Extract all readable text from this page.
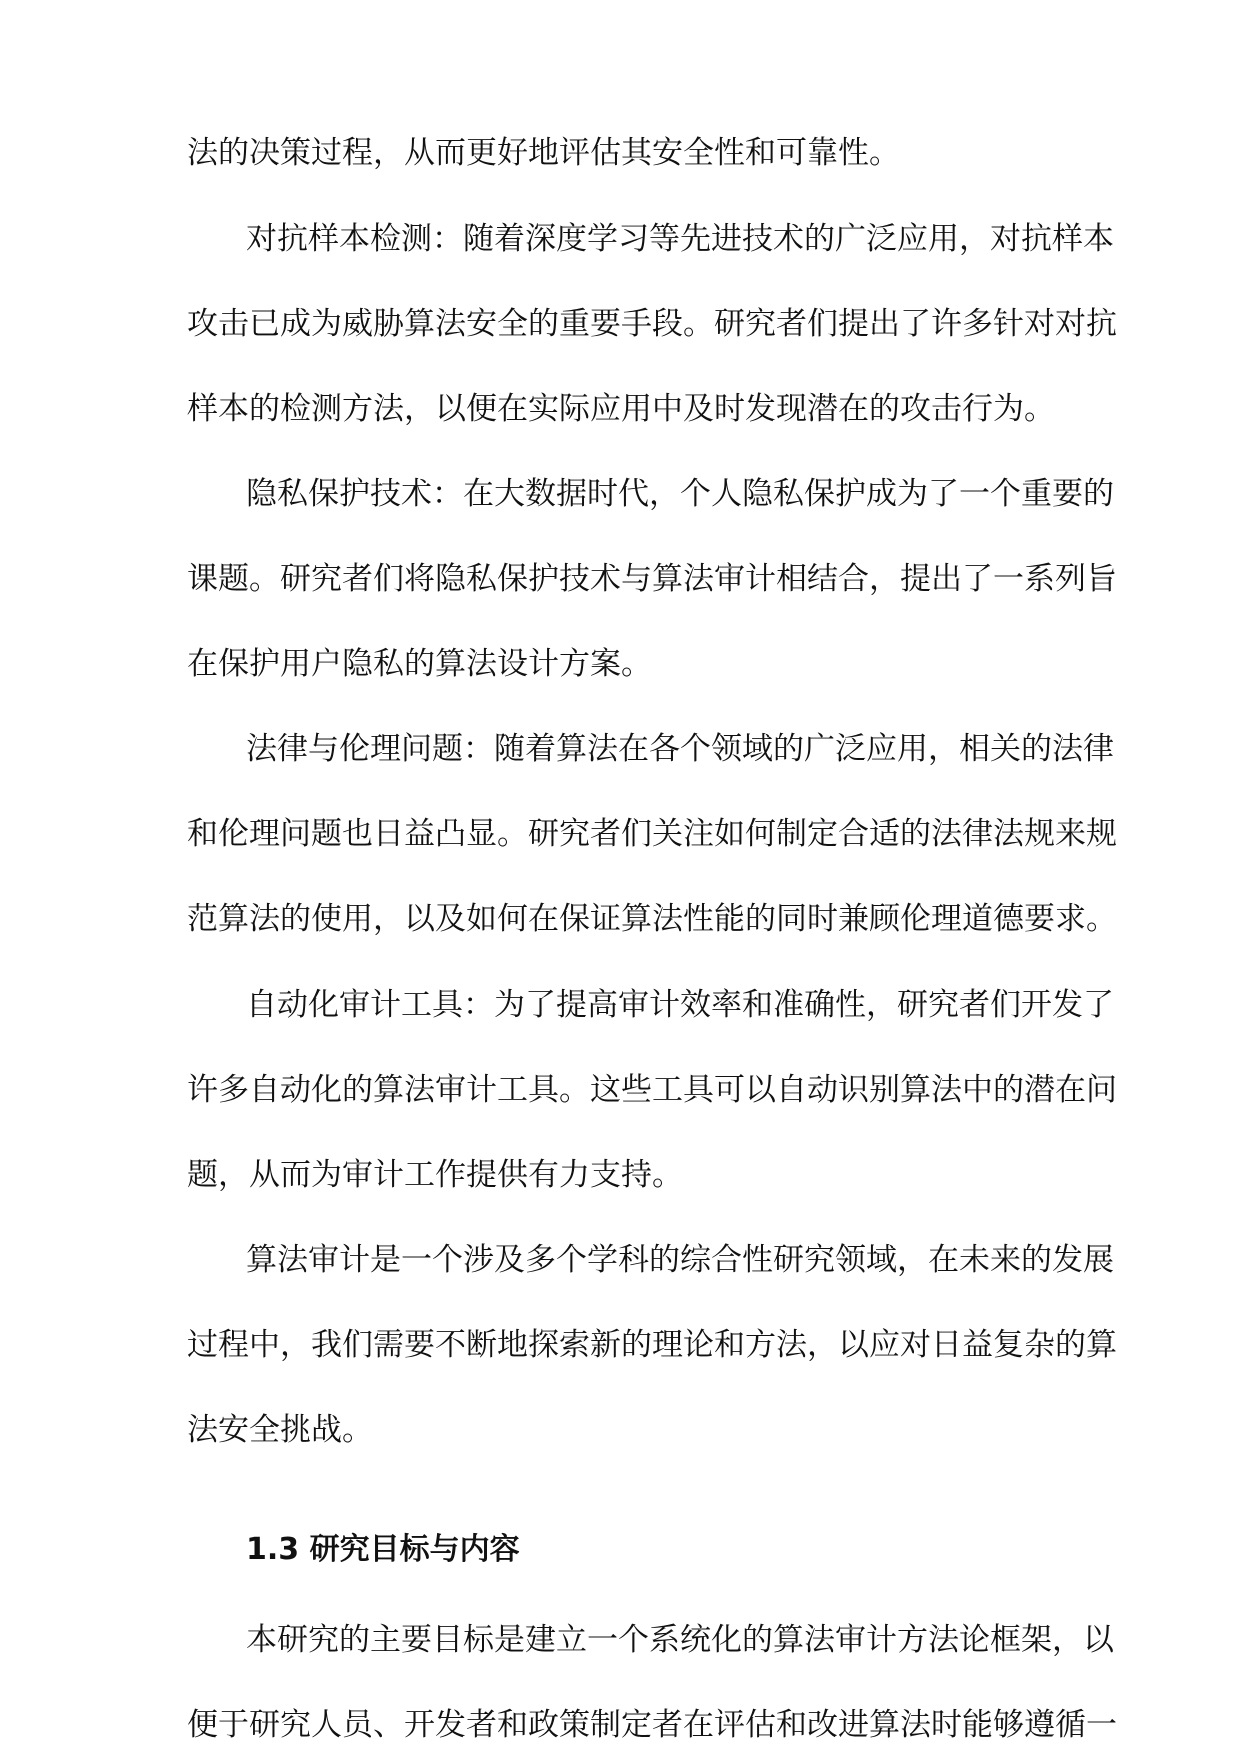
法的决策过程，从而更好地评估其安全性和可靠性。
对抗样本检测：随着深度学习等先进技术的广泛应用，对抗样本
攻击已成为威胁算法安全的重要手段。研究者们提出了许多针对对抗
样本的检测方法，以便在实际应用中及时发现潜在的攻击行为。
隐私保护技术：在大数据时代，个人隐私保护成为了一个重要的
课题。研究者们将隐私保护技术与算法审计相结合，提出了一系列旨
在保护用户隐私的算法设计方案。
法律与伦理问题：随着算法在各个领域的广泛应用，相关的法律
和伦理问题也日益凸显。研究者们关注如何制定合适的法律法规来规
范算法的使用，以及如何在保证算法性能的同时兼顾伦理道德要求。
自动化审计工具：为了提高审计效率和准确性，研究者们开发了
许多自动化的算法审计工具。这些工具可以自动识别算法中的潜在问
题，从而为审计工作提供有力支持。
算法审计是一个涉及多个学科的综合性研究领域，在未来的发展
过程中，我们需要不断地探索新的理论和方法，以应对日益复杂的算
法安全挑战。
1.3 研究目标与内容
本研究的主要目标是建立一个系统化的算法审计方法论框架，以
便于研究人员、开发者和政策制定者在评估和改进算法时能够遵循一
